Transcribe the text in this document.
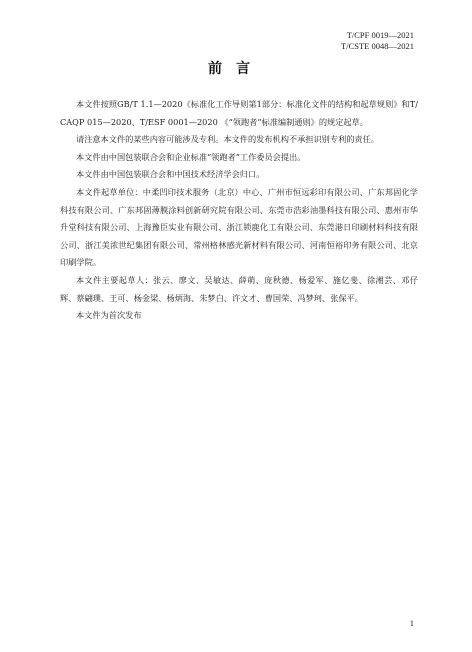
T/CPF 0019—2021
T/CSTE 0048—2021
前言

本文件按照GB/T 1.1—2020《标准化工作导则第1部分：标准化文件的结构和起草规则》和T/CAQP 015—2020、T/ESF 0001—2020 《“领跑者”标准编制通则》的规定起草。

请注意本文件的某些内容可能涉及专利。本文件的发布机构不承担识别专利的责任。

本文件由中国包装联合会和企业标准“领跑者”工作委员会提出。

本文件由中国包装联合会和中国技术经济学会归口。

本文件起草单位：中柔凹印技术服务（北京）中心、广州市恒远彩印有限公司、广东邦固化学科技有限公司、广东邦固薄膜涂料创新研究院有限公司、东莞市浩彩油墨科技有限公司、惠州市华升堂科技有限公司、上海豫臣实业有限公司、浙江锁鹿化工有限公司、东莞港日印刷材料科技有限公司、浙江美浓世纪集团有限公司、常州格林感光新材料有限公司、河南恒裕印务有限公司、北京印刷学院。

本文件主要起草人：张云、廖文、吴敏达、薛萌、庞秋德、杨爱军、施亿斐、徐湘芸、邓仔辉、蔡翩璞、王可、杨金梁、杨炳海、朱梦白、许文才、曹国荣、冯梦珂、张保平。

本文件为首次发布

1
